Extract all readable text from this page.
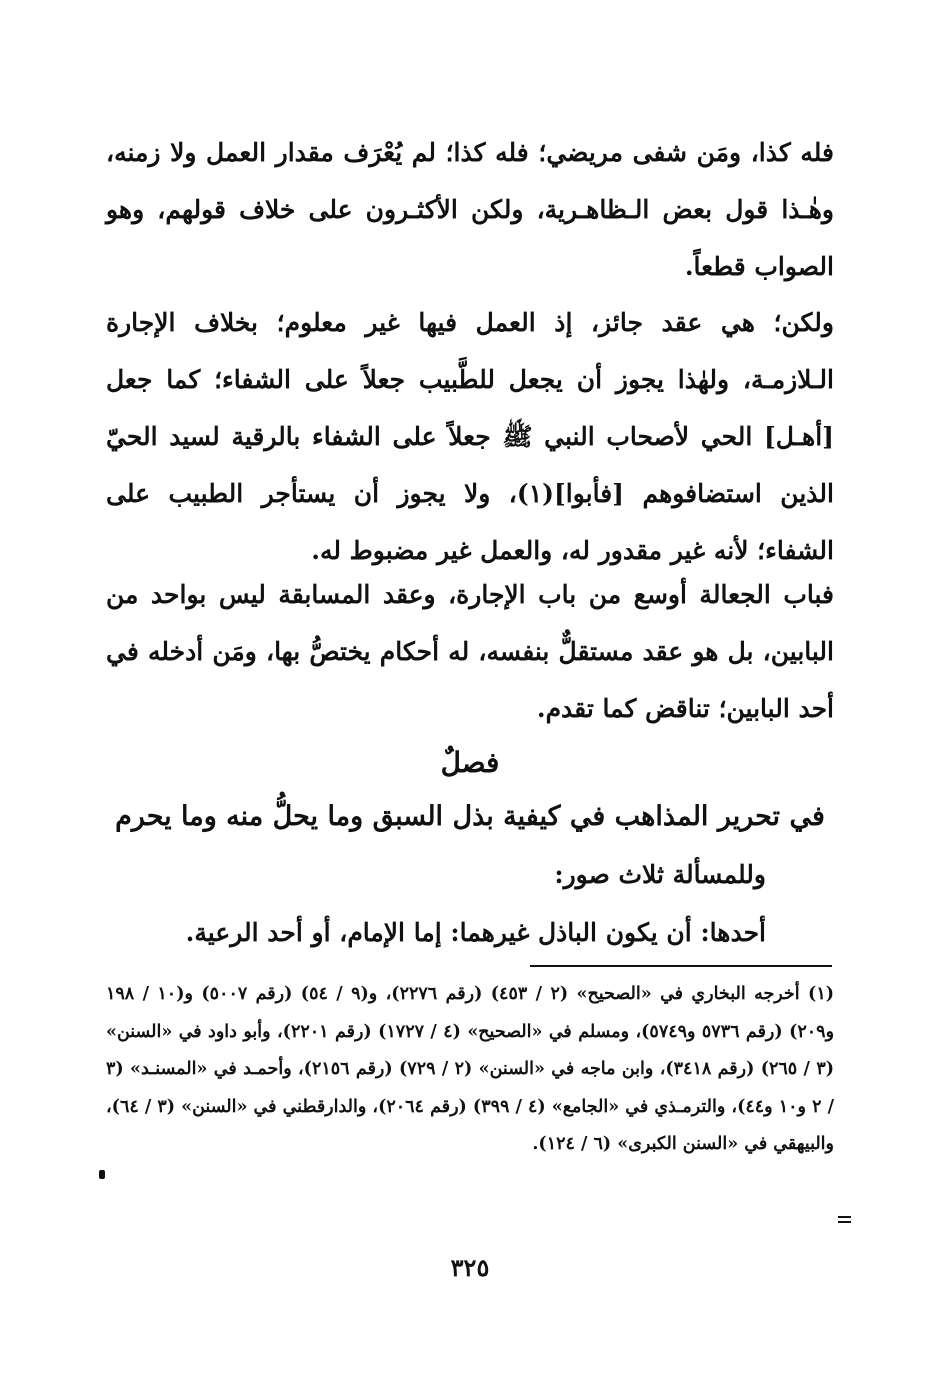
فله كذا، ومَن شفى مريضي؛ فله كذا؛ لم يُعْرَف مقدار العمل ولا زمنه، وهٰـذا قول بعض الـظاهـرية، ولكن الأكثـرون على خلاف قولهم، وهو الصواب قطعاً.
ولكن؛ هي عقد جائز، إذ العمل فيها غير معلوم؛ بخلاف الإجارة الـلازمـة، ولهٰذا يجوز أن يجعل للطَّبيب جعلاً على الشفاء؛ كما جعل [أهـل] الحي لأصحاب النبي ﷺ جعلاً على الشفاء بالرقية لسيد الحيّ الذين استضافوهم [فأبوا](١)، ولا يجوز أن يستأجر الطبيب على الشفاء؛ لأنه غير مقدور له، والعمل غير مضبوط له.
فباب الجعالة أوسع من باب الإجارة، وعقد المسابقة ليس بواحد من البابين، بل هو عقد مستقلٌّ بنفسه، له أحكام يختصُّ بها، ومَن أدخله في أحد البابين؛ تناقض كما تقدم.
فصلٌ
في تحرير المذاهب في كيفية بذل السبق وما يحلُّ منه وما يحرم
وللمسألة ثلاث صور:
أحدها: أن يكون الباذل غيرهما: إما الإمام، أو أحد الرعية.
(١) أخرجه البخاري في «الصحيح» (٢ / ٤٥٣) (رقم ٢٢٧٦)، و(٩ / ٥٤) (رقم ٥٠٠٧) و(١٠ / ١٩٨ و٢٠٩) (رقم ٥٧٣٦ و٥٧٤٩)، ومسلم في «الصحيح» (٤ / ١٧٢٧) (رقم ٢٢٠١)، وأبو داود في «السنن» (٣ / ٢٦٥) (رقم ٣٤١٨)، وابن ماجه في «السنن» (٢ / ٧٢٩) (رقم ٢١٥٦)، وأحمـد في «المسنـد» (٣ / ٢ و١٠ و٤٤)، والترمـذي في «الجامع» (٤ / ٣٩٩) (رقم ٢٠٦٤)، والدارقطني في «السنن» (٣ / ٦٤)، والبيهقي في «السنن الكبرى» (٦ / ١٢٤).
٣٢٥
